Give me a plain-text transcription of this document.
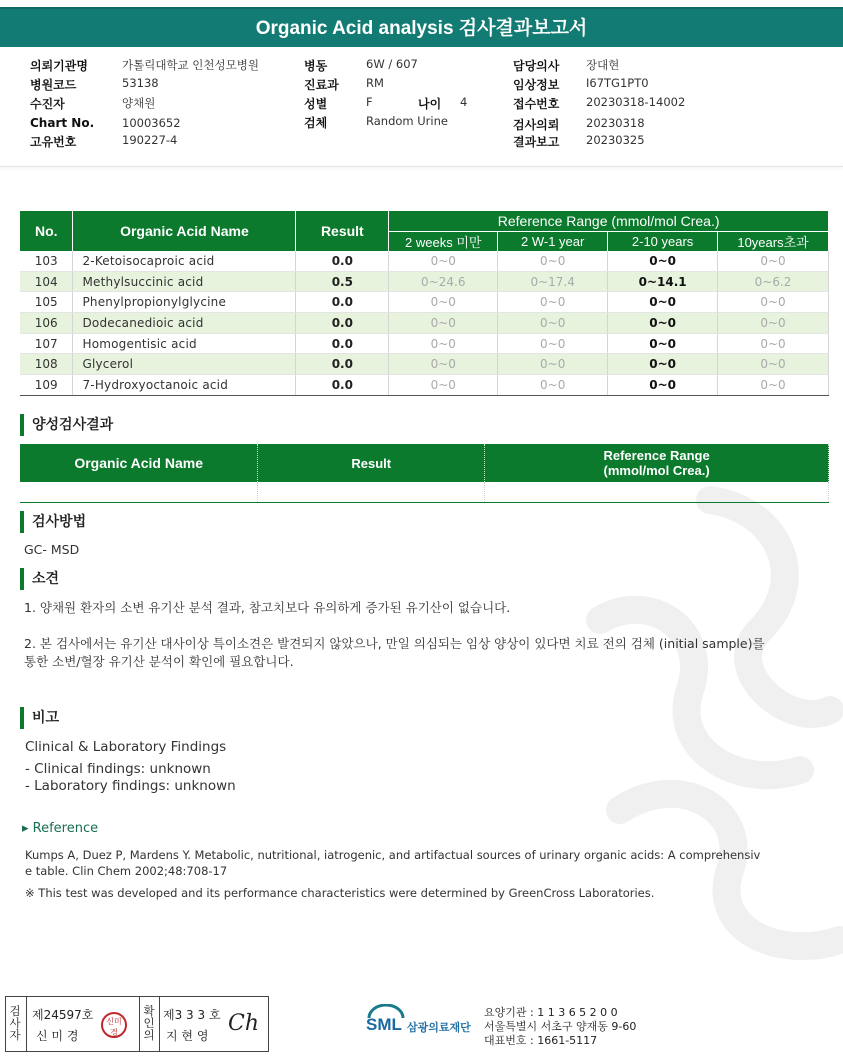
Organic Acid analysis 검사결과보고서
의뢰기관명	가톨릭대학교 인천성모병원
병원코드	53138
수진자	양채원
Chart No. 10003652
고유번호	190227-4
병동	6W / 607
진료과 RM
성별	F	나이 4
검체	Random Urine
담당의사 장대현
임상정보 I67TG1PT0
접수번호 20230318-14002
검사의뢰 20230318
결과보고 20230325
No.	Organic Acid Name	Result	Reference Range (mmol/mol Crea.)			
			2 weeks 미만	2 W-1 year	2-10 years	10years초과
103	2-Ketoisocaproic acid	0.0	0~0	0~0	0~0	0~0
104	Methylsuccinic acid	0.5	0~24.6	0~17.4	0~14.1	0~6.2
105	Phenylpropionylglycine	0.0	0~0	0~0	0~0	0~0
106	Dodecanedioic acid	0.0	0~0	0~0	0~0	0~0
107	Homogentisic acid	0.0	0~0	0~0	0~0	0~0
108	Glycerol	0.0	0~0	0~0	0~0	0~0
109	7-Hydroxyoctanoic acid	0.0	0~0	0~0	0~0	0~0
양성검사결과
Organic Acid Name	Result	Reference Range
(mmol/mol Crea.)

검사방법
GC- MSD
소견
1. 양채원 환자의 소변 유기산 분석 결과, 참고치보다 유의하게 증가된 유기산이 없습니다.
2. 본 검사에서는 유기산 대사이상 특이소견은 발견되지 않았으나, 만일 의심되는 임상 양상이 있다면 치료 전의 검체 (initial sample)를
통한 소변/혈장 유기산 분석이 확인에 필요합니다.
비고
Clinical & Laboratory Findings
- Clinical findings: unknown
- Laboratory findings: unknown
▸ Reference
Kumps A, Duez P, Mardens Y. Metabolic, nutritional, iatrogenic, and artifactual sources of urinary organic acids: A comprehensiv
e table. Clin Chem 2002;48:708-17
※ This test was developed and its performance characteristics were determined by GreenCross Laboratories.
검사자
제24597호
신 미 경
신미경
확인의
제3 3 3 호
지 현 영 Ch	SML 삼광의료재단
요양기관 : 1 1 3 6 5 2 0 0
서울특별시 서초구 양재동 9-60
대표번호 : 1661-5117
